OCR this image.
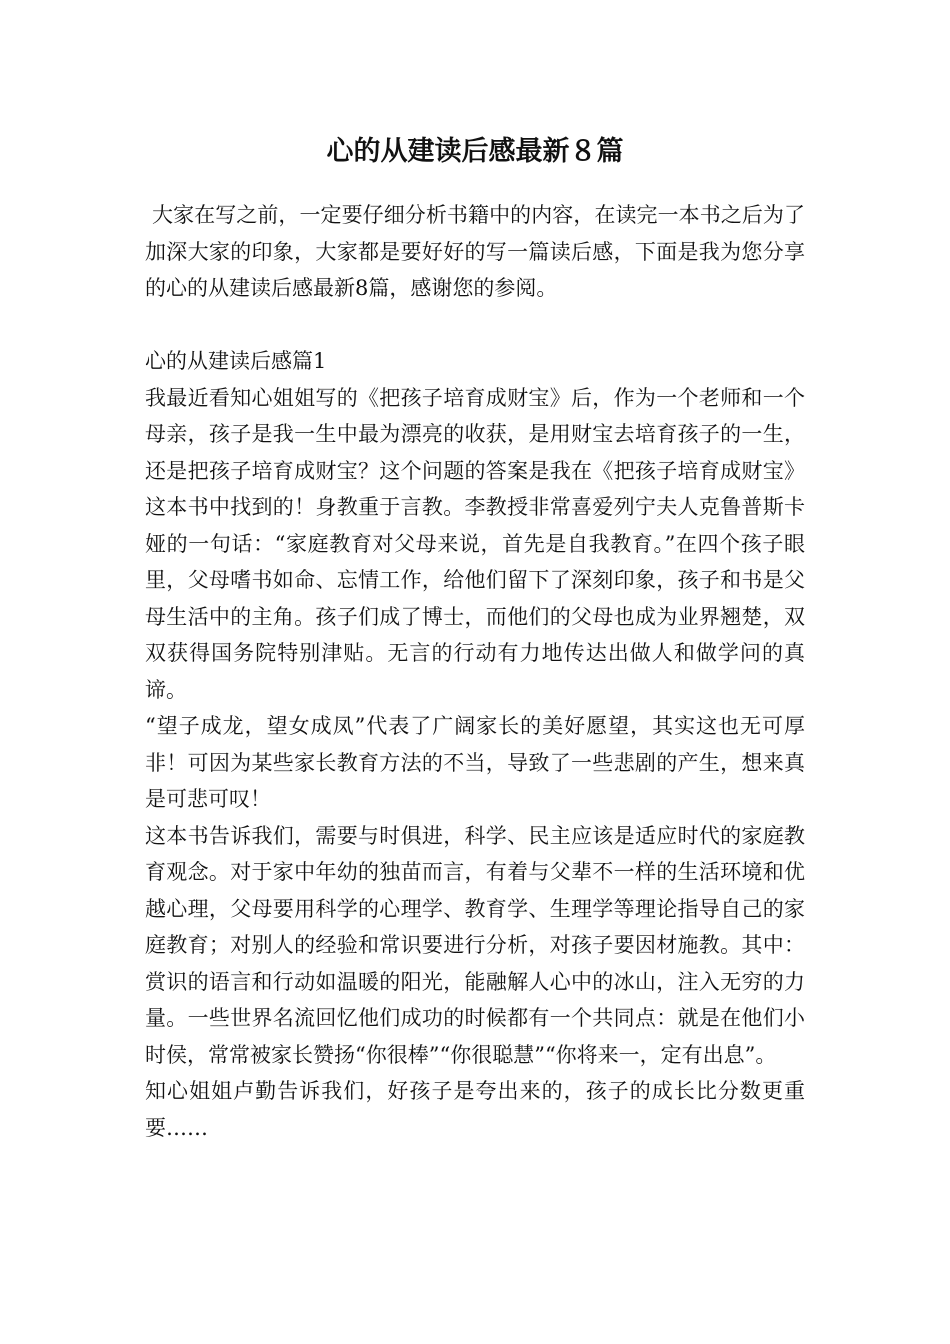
心的从建读后感最新８篇

大家在写之前，一定要仔细分析书籍中的内容，在读完一本书之后为了加深大家的印象，大家都是要好好的写一篇读后感，下面是我为您分享的心的从建读后感最新8篇，感谢您的参阅。

心的从建读后感篇1

我最近看知心姐姐写的《把孩子培育成财宝》后，作为一个老师和一个母亲，孩子是我一生中最为漂亮的收获，是用财宝去培育孩子的一生，还是把孩子培育成财宝？这个问题的答案是我在《把孩子培育成财宝》这本书中找到的！身教重于言教。李教授非常喜爱列宁夫人克鲁普斯卡娅的一句话：“家庭教育对父母来说，首先是自我教育。”在四个孩子眼里，父母嗜书如命、忘情工作，给他们留下了深刻印象，孩子和书是父母生活中的主角。孩子们成了博士，而他们的父母也成为业界翘楚，双双获得国务院特别津贴。无言的行动有力地传达出做人和做学问的真谛。

“望子成龙，望女成凤”代表了广阔家长的美好愿望，其实这也无可厚非！可因为某些家长教育方法的不当，导致了一些悲剧的产生，想来真是可悲可叹！

这本书告诉我们，需要与时俱进，科学、民主应该是适应时代的家庭教育观念。对于家中年幼的独苗而言，有着与父辈不一样的生活环境和优越心理，父母要用科学的心理学、教育学、生理学等理论指导自己的家庭教育；对别人的经验和常识要进行分析，对孩子要因材施教。其中：赏识的语言和行动如温暖的阳光，能融解人心中的冰山，注入无穷的力量。一些世界名流回忆他们成功的时候都有一个共同点：就是在他们小时侯，常常被家长赞扬“你很棒”“你很聪慧”“你将来一，定有出息”。

知心姐姐卢勤告诉我们，好孩子是夸出来的，孩子的成长比分数更重要……
